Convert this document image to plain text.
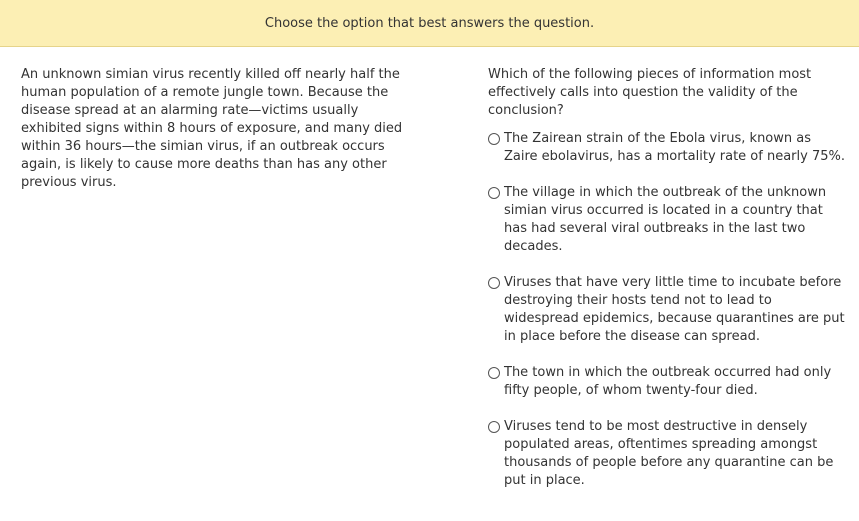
Choose the option that best answers the question.
An unknown simian virus recently killed off nearly half the human population of a remote jungle town. Because the disease spread at an alarming rate—victims usually exhibited signs within 8 hours of exposure, and many died within 36 hours—the simian virus, if an outbreak occurs again, is likely to cause more deaths than has any other previous virus.
Which of the following pieces of information most effectively calls into question the validity of the conclusion?
The Zairean strain of the Ebola virus, known as Zaire ebolavirus, has a mortality rate of nearly 75%.
The village in which the outbreak of the unknown simian virus occurred is located in a country that has had several viral outbreaks in the last two decades.
Viruses that have very little time to incubate before destroying their hosts tend not to lead to widespread epidemics, because quarantines are put in place before the disease can spread.
The town in which the outbreak occurred had only fifty people, of whom twenty-four died.
Viruses tend to be most destructive in densely populated areas, oftentimes spreading amongst thousands of people before any quarantine can be put in place.
